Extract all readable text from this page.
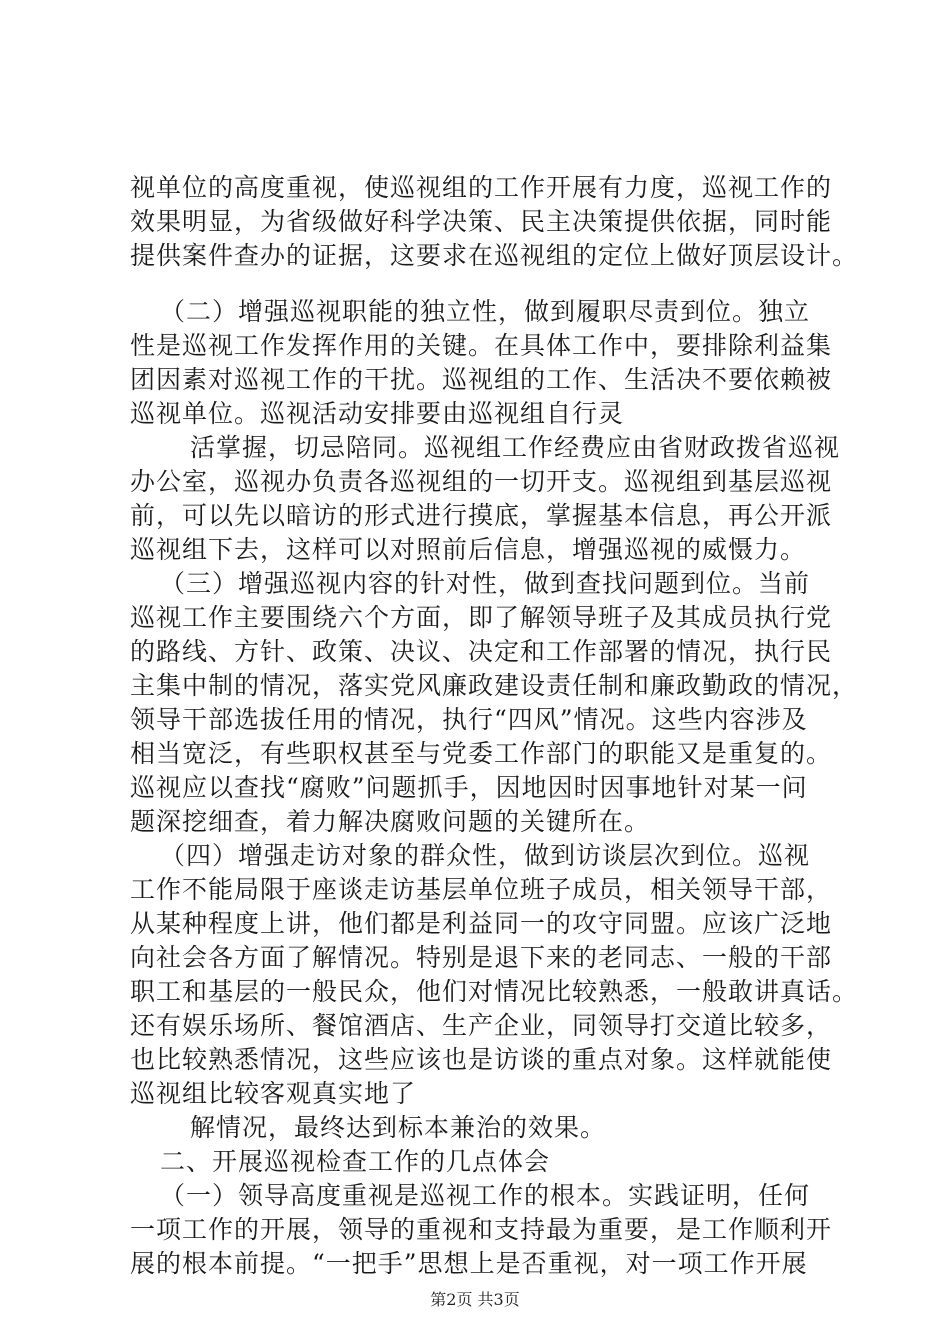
视单位的高度重视，使巡视组的工作开展有力度，巡视工作的
效果明显，为省级做好科学决策、民主决策提供依据，同时能
提供案件查办的证据，这要求在巡视组的定位上做好顶层设计。
（二）增强巡视职能的独立性，做到履职尽责到位。独立
性是巡视工作发挥作用的关键。在具体工作中，要排除利益集
团因素对巡视工作的干扰。巡视组的工作、生活决不要依赖被
巡视单位。巡视活动安排要由巡视组自行灵
活掌握，切忌陪同。巡视组工作经费应由省财政拨省巡视
办公室，巡视办负责各巡视组的一切开支。巡视组到基层巡视
前，可以先以暗访的形式进行摸底，掌握基本信息，再公开派
巡视组下去，这样可以对照前后信息，增强巡视的威慑力。
（三）增强巡视内容的针对性，做到查找问题到位。当前
巡视工作主要围绕六个方面，即了解领导班子及其成员执行党
的路线、方针、政策、决议、决定和工作部署的情况，执行民
主集中制的情况，落实党风廉政建设责任制和廉政勤政的情况，
领导干部选拔任用的情况，执行“四风”情况。这些内容涉及
相当宽泛，有些职权甚至与党委工作部门的职能又是重复的。
巡视应以查找“腐败”问题抓手，因地因时因事地针对某一问
题深挖细查，着力解决腐败问题的关键所在。
（四）增强走访对象的群众性，做到访谈层次到位。巡视
工作不能局限于座谈走访基层单位班子成员，相关领导干部，
从某种程度上讲，他们都是利益同一的攻守同盟。应该广泛地
向社会各方面了解情况。特别是退下来的老同志、一般的干部
职工和基层的一般民众，他们对情况比较熟悉，一般敢讲真话。
还有娱乐场所、餐馆酒店、生产企业，同领导打交道比较多，
也比较熟悉情况，这些应该也是访谈的重点对象。这样就能使
巡视组比较客观真实地了
解情况，最终达到标本兼治的效果。
二、开展巡视检查工作的几点体会
（一）领导高度重视是巡视工作的根本。实践证明，任何
一项工作的开展，领导的重视和支持最为重要，是工作顺利开
展的根本前提。“一把手”思想上是否重视，对一项工作开展
第2页 共3页
